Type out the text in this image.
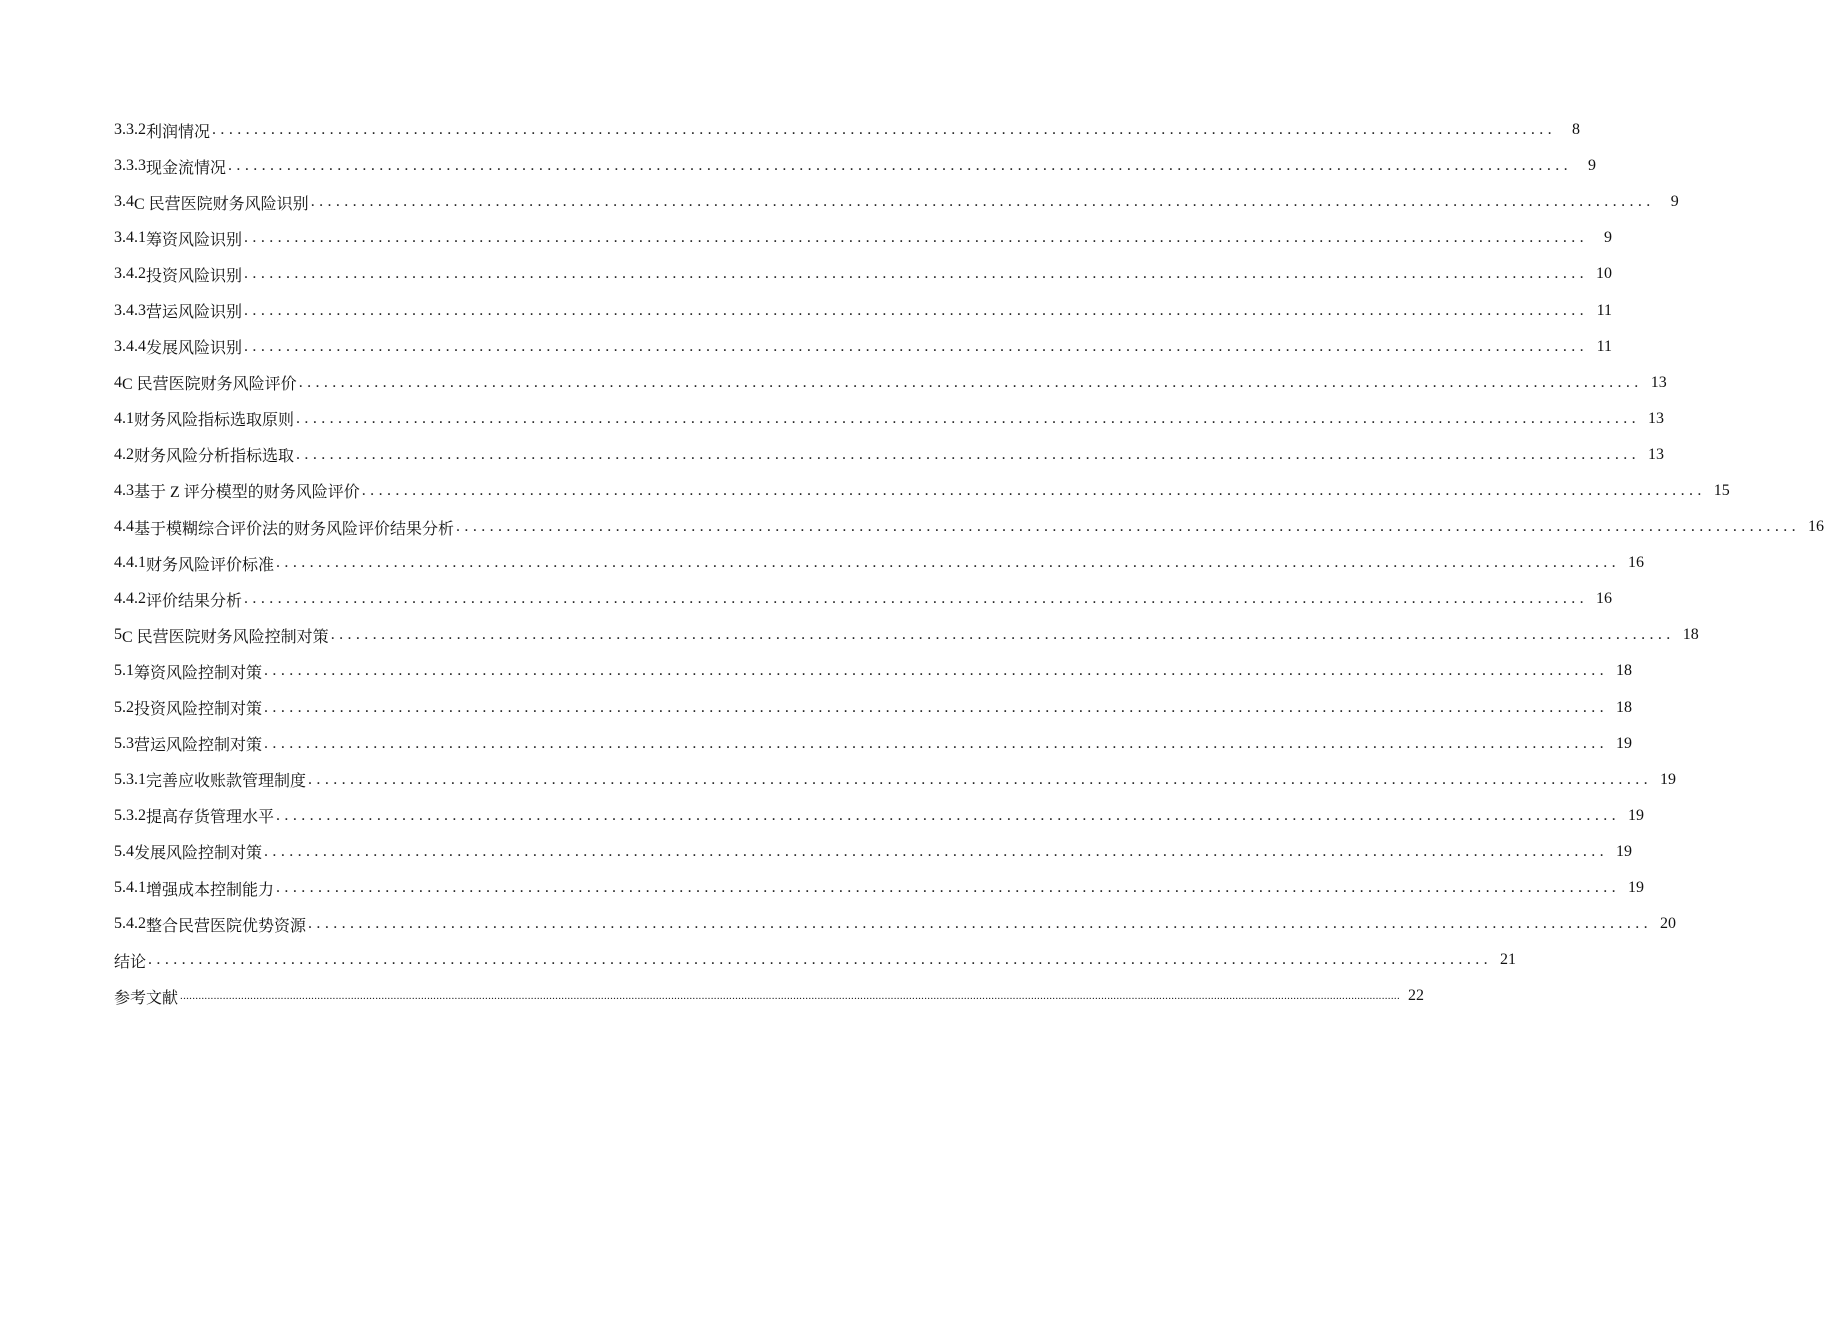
3.3.2 利润情况 ................................................................................................................................................................	8
3.3.3 现金流情况 ................................................................................................................................................................	9
3.4 C 民营医院财务风险识别 ................................................................................................................................................................	9
3.4.1 筹资风险识别 ................................................................................................................................................................	9
3.4.2 投资风险识别 ................................................................................................................................................................ 10
3.4.3 营运风险识别 ................................................................................................................................................................ 11
3.4.4 发展风险识别 ................................................................................................................................................................ 11
4 C 民营医院财务风险评价 ................................................................................................................................................................ 13
4.1 财务风险指标选取原则 ................................................................................................................................................................ 13
4.2 财务风险分析指标选取 ................................................................................................................................................................ 13
4.3 基于 Z 评分模型的财务风险评价 ................................................................................................................................................................ 15
4.4 基于模糊综合评价法的财务风险评价结果分析 ................................................................................................................................................................ 16
4.4.1 财务风险评价标准 ................................................................................................................................................................ 16
4.4.2 评价结果分析 ................................................................................................................................................................ 16
5 C 民营医院财务风险控制对策 ................................................................................................................................................................ 18
5.1 筹资风险控制对策 ................................................................................................................................................................ 18
5.2 投资风险控制对策 ................................................................................................................................................................ 18
5.3 营运风险控制对策 ................................................................................................................................................................ 19
5.3.1 完善应收账款管理制度 ................................................................................................................................................................ 19
5.3.2 提高存货管理水平 ................................................................................................................................................................ 19
5.4 发展风险控制对策 ................................................................................................................................................................ 19
5.4.1 增强成本控制能力 ................................................................................................................................................................ 19
5.4.2 整合民营医院优势资源 ................................................................................................................................................................ 20
结论 ................................................................................................................................................................ 21
参考文献 ................................................................................................................................................................................................................................................................................................................................................................................................................ 22
